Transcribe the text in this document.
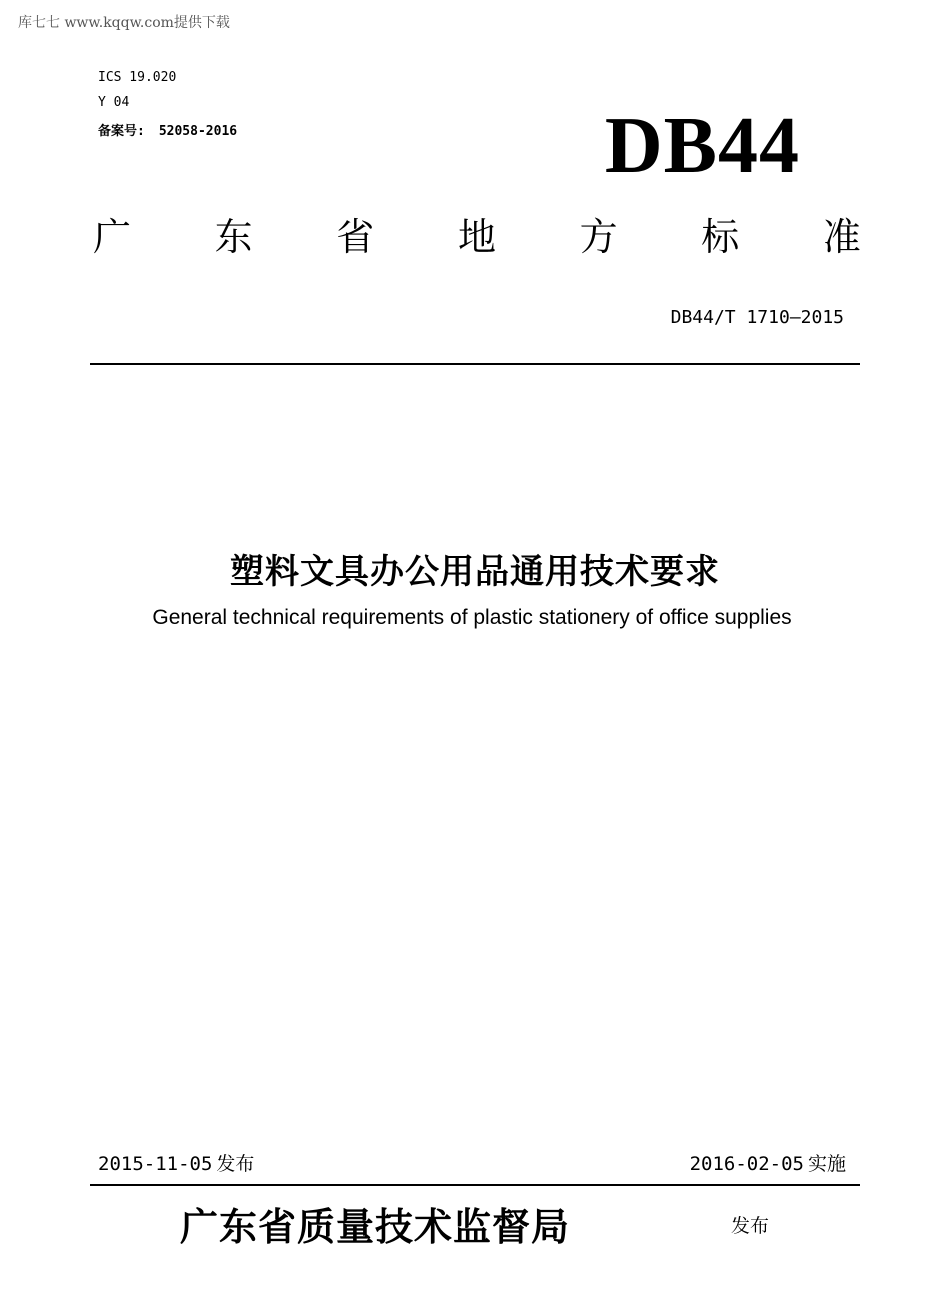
库七七 www.kqqw.com提供下载
ICS 19.020
Y 04
备案号: 52058-2016	DB44
广 东 省 地 方 标 准
DB44/T 1710—2015
塑料文具办公用品通用技术要求
General technical requirements of plastic stationery of office supplies
2015-11-05 发布	2016-02-05 实施
广东省质量技术监督局	发布
